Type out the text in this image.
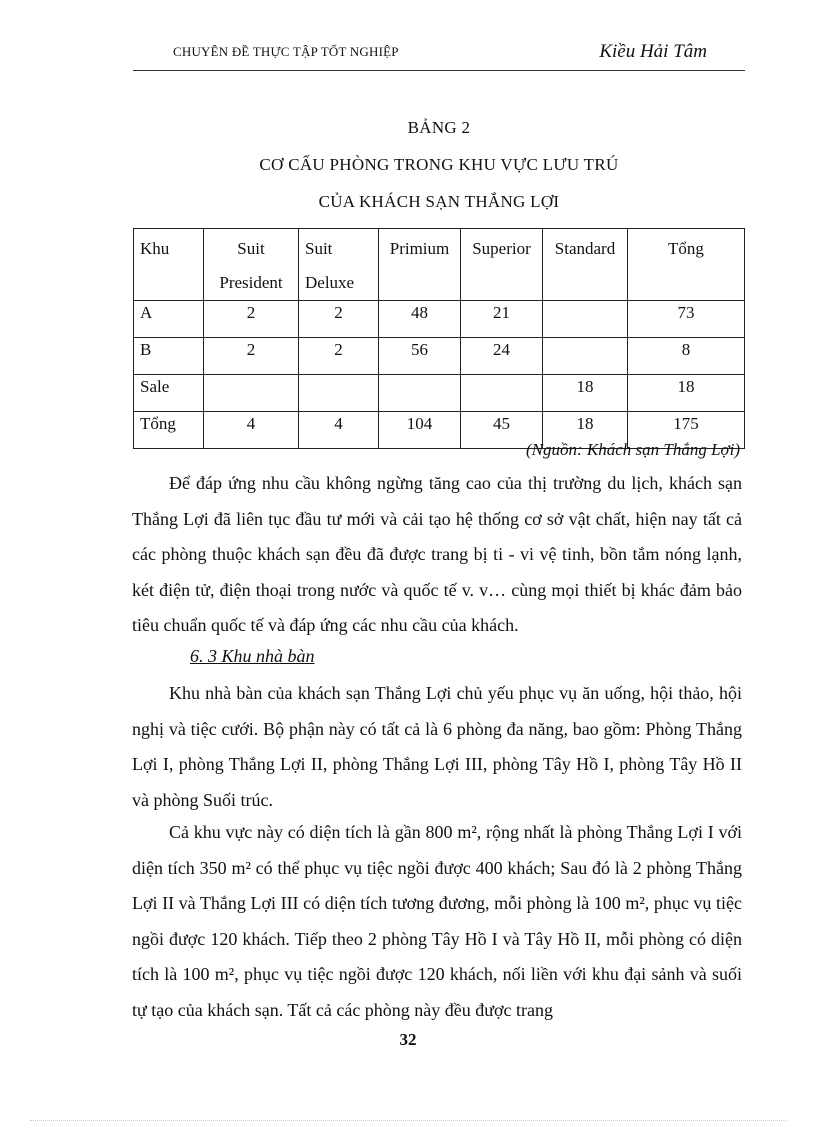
CHUYÊN ĐỀ THỰC TẬP TỐT NGHIỆP	Kiều Hải Tâm
BẢNG 2
CƠ CẤU PHÒNG TRONG KHU VỰC LƯU TRÚ
CỦA KHÁCH SẠN THẮNG LỢI
Khu	Suit President	Suit Deluxe	Primium	Superior	Standard	Tổng
A	2	2	48	21		73
B	2	2	56	24		8
Sale					18	18
Tổng	4	4	104	45	18	175
(Nguồn: Khách sạn Thắng Lợi)

Để đáp ứng nhu cầu không ngừng tăng cao của thị trường du lịch, khách sạn Thắng Lợi đã liên tục đầu tư mới và cải tạo hệ thống cơ sở vật chất, hiện nay tất cả các phòng thuộc khách sạn đều đã được trang bị ti - vi vệ tinh, bồn tắm nóng lạnh, két điện tử, điện thoại trong nước và quốc tế v. v… cùng mọi thiết bị khác đảm bảo tiêu chuẩn quốc tế và đáp ứng các nhu cầu của khách.

6. 3 Khu nhà bàn

Khu nhà bàn của khách sạn Thắng Lợi chủ yếu phục vụ ăn uống, hội thảo, hội nghị và tiệc cưới. Bộ phận này có tất cả là 6 phòng đa năng, bao gồm: Phòng Thắng Lợi I, phòng Thắng Lợi II, phòng Thắng Lợi III, phòng Tây Hồ I, phòng Tây Hồ II và phòng Suối trúc.

Cả khu vực này có diện tích là gần 800 m², rộng nhất là phòng Thắng Lợi I với diện tích 350 m² có thể phục vụ tiệc ngồi được 400 khách; Sau đó là 2 phòng Thắng Lợi II và Thắng Lợi III có diện tích tương đương, mỗi phòng là 100 m², phục vụ tiệc ngồi được 120 khách. Tiếp theo 2 phòng Tây Hồ I và Tây Hồ II, mỗi phòng có diện tích là 100 m², phục vụ tiệc ngồi được 120 khách, nối liền với khu đại sảnh và suối tự tạo của khách sạn. Tất cả các phòng này đều được trang

32
